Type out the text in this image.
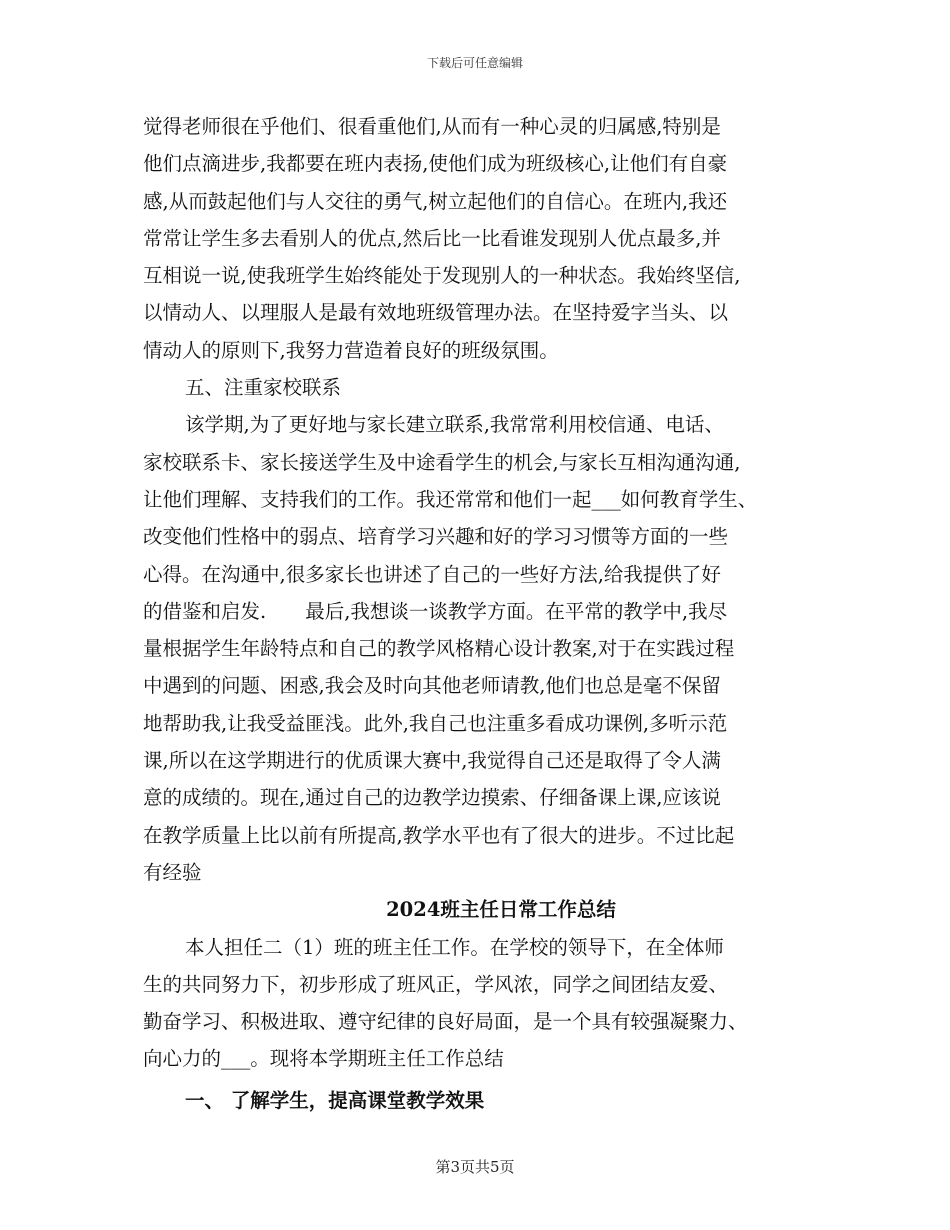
下载后可任意编辑
觉得老师很在乎他们、很看重他们,从而有一种心灵的归属感,特别是
他们点滴进步,我都要在班内表扬,使他们成为班级核心,让他们有自豪
感,从而鼓起他们与人交往的勇气,树立起他们的自信心。在班内,我还
常常让学生多去看别人的优点,然后比一比看谁发现别人优点最多,并
互相说一说,使我班学生始终能处于发现别人的一种状态。我始终坚信,
以情动人、以理服人是最有效地班级管理办法。在坚持爱字当头、以
情动人的原则下,我努力营造着良好的班级氛围。
五、注重家校联系
该学期,为了更好地与家长建立联系,我常常利用校信通、电话、
家校联系卡、家长接送学生及中途看学生的机会,与家长互相沟通沟通,
让他们理解、支持我们的工作。我还常常和他们一起___如何教育学生、
改变他们性格中的弱点、培育学习兴趣和好的学习习惯等方面的一些
心得。在沟通中,很多家长也讲述了自己的一些好方法,给我提供了好
的借鉴和启发.　　最后,我想谈一谈教学方面。在平常的教学中,我尽
量根据学生年龄特点和自己的教学风格精心设计教案,对于在实践过程
中遇到的问题、困惑,我会及时向其他老师请教,他们也总是毫不保留
地帮助我,让我受益匪浅。此外,我自己也注重多看成功课例,多听示范
课,所以在这学期进行的优质课大赛中,我觉得自己还是取得了令人满
意的成绩的。现在,通过自己的边教学边摸索、仔细备课上课,应该说
在教学质量上比以前有所提高,教学水平也有了很大的进步。不过比起
有经验
2024班主任日常工作总结
本人担任二（1）班的班主任工作。在学校的领导下，在全体师
生的共同努力下，初步形成了班风正，学风浓，同学之间团结友爱、
勤奋学习、积极进取、遵守纪律的良好局面，是一个具有较强凝聚力、
向心力的___。现将本学期班主任工作总结
一、 了解学生，提高课堂教学效果
第3页共5页
